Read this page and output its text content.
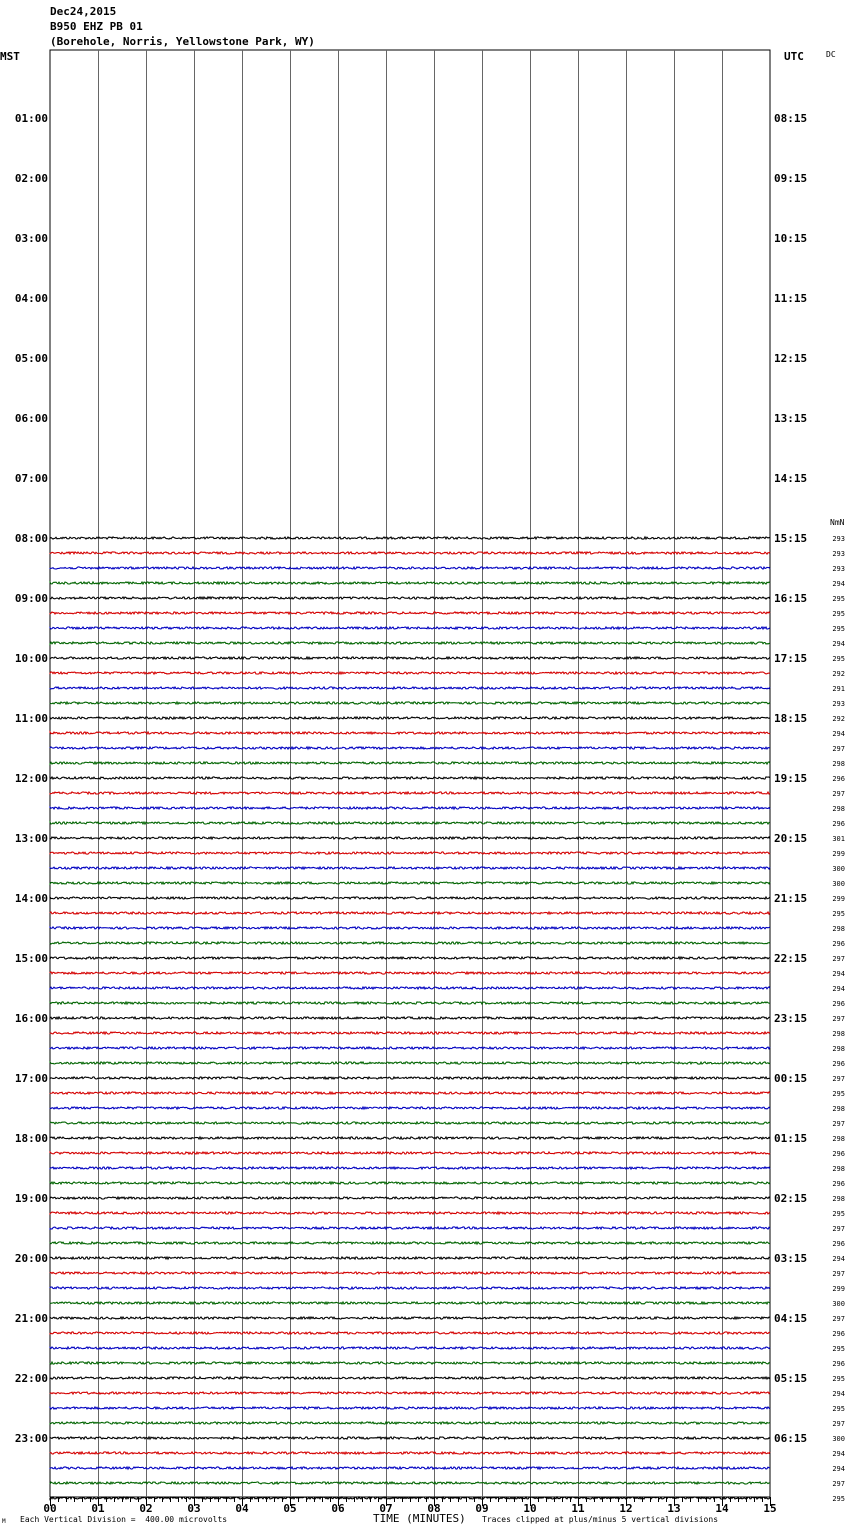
Dec24,2015
B950 EHZ PB 01
(Borehole, Norris, Yellowstone Park, WY)
MST	UTC	DC
NmN
01:00
02:00
03:00
04:00
05:00
06:00
07:00
08:00
09:00
10:00
11:00
12:00
13:00
14:00
15:00
16:00
17:00
18:00
19:00
20:00
21:00
22:00
23:00
08:15
09:15
10:15
11:15
12:15
13:15
14:15
15:15
16:15
17:15
18:15
19:15
20:15
21:15
22:15
23:15
00:15
01:15
02:15
03:15
04:15
05:15
06:15
293
293
293
294
295
295
295
294
295
292
291
293
292
294
297
298
296
297
298
296
301
299
300
300
299
295
298
296
297
294
294
296
297
298
298
296
297
295
298
297
298
296
298
296
298
295
297
296
294
297
299
300
297
296
295
296
295
294
295
297
300
294
294
297
295
00	01	02	03	04	05	06	07	08	09	10	11	12	13	14	15
M Each Vertical Division =  400.00 microvolts	TIME (MINUTES) Traces clipped at plus/minus 5 vertical divisions
